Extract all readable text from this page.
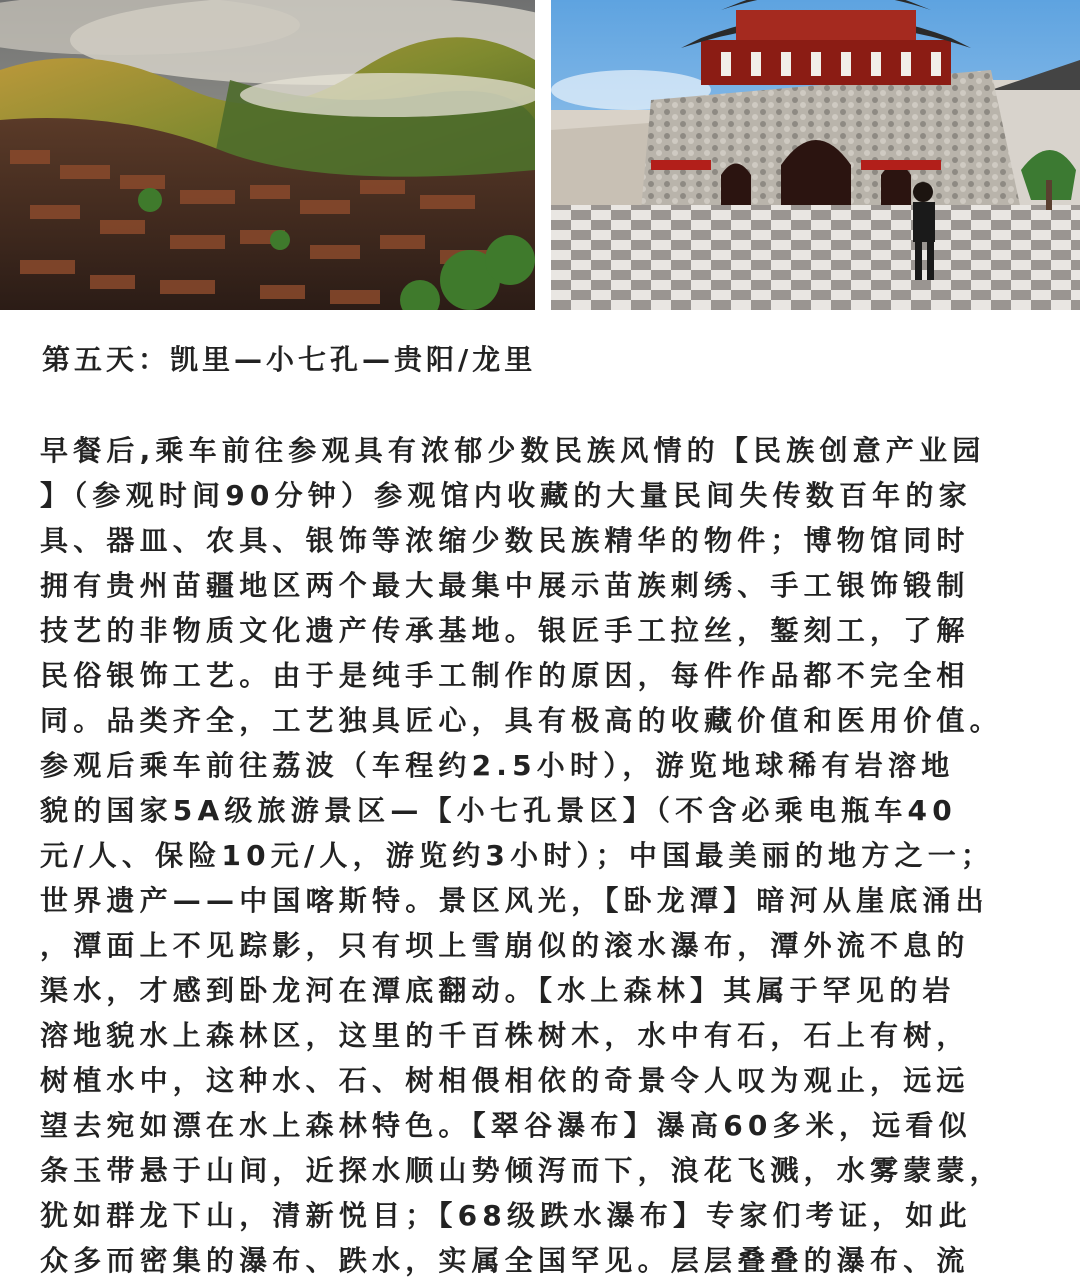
第五天：凯里—小七孔—贵阳/龙里
早餐后,乘车前往参观具有浓郁少数民族风情的【民族创意产业园
】（参观时间90分钟）参观馆内收藏的大量民间失传数百年的家
具、器皿、农具、银饰等浓缩少数民族精华的物件；博物馆同时
拥有贵州苗疆地区两个最大最集中展示苗族刺绣、手工银饰锻制
技艺的非物质文化遗产传承基地。银匠手工拉丝，錾刻工，了解
民俗银饰工艺。由于是纯手工制作的原因，每件作品都不完全相
同。品类齐全，工艺独具匠心，具有极高的收藏价值和医用价值。
参观后乘车前往荔波（车程约2.5小时），游览地球稀有岩溶地
貌的国家5A级旅游景区—【小七孔景区】（不含必乘电瓶车40
元/人、保险10元/人，游览约3小时）；中国最美丽的地方之一；
世界遗产——中国喀斯特。景区风光，【卧龙潭】暗河从崖底涌出
，潭面上不见踪影，只有坝上雪崩似的滚水瀑布，潭外流不息的
渠水，才感到卧龙河在潭底翻动。【水上森林】其属于罕见的岩
溶地貌水上森林区，这里的千百株树木，水中有石，石上有树，
树植水中，这种水、石、树相偎相依的奇景令人叹为观止，远远
望去宛如漂在水上森林特色。【翠谷瀑布】瀑高60多米，远看似
条玉带悬于山间，近探水顺山势倾泻而下，浪花飞溅，水雾蒙蒙，
犹如群龙下山，清新悦目；【68级跌水瀑布】专家们考证，如此
众多而密集的瀑布、跌水，实属全国罕见。层层叠叠的瀑布、流
